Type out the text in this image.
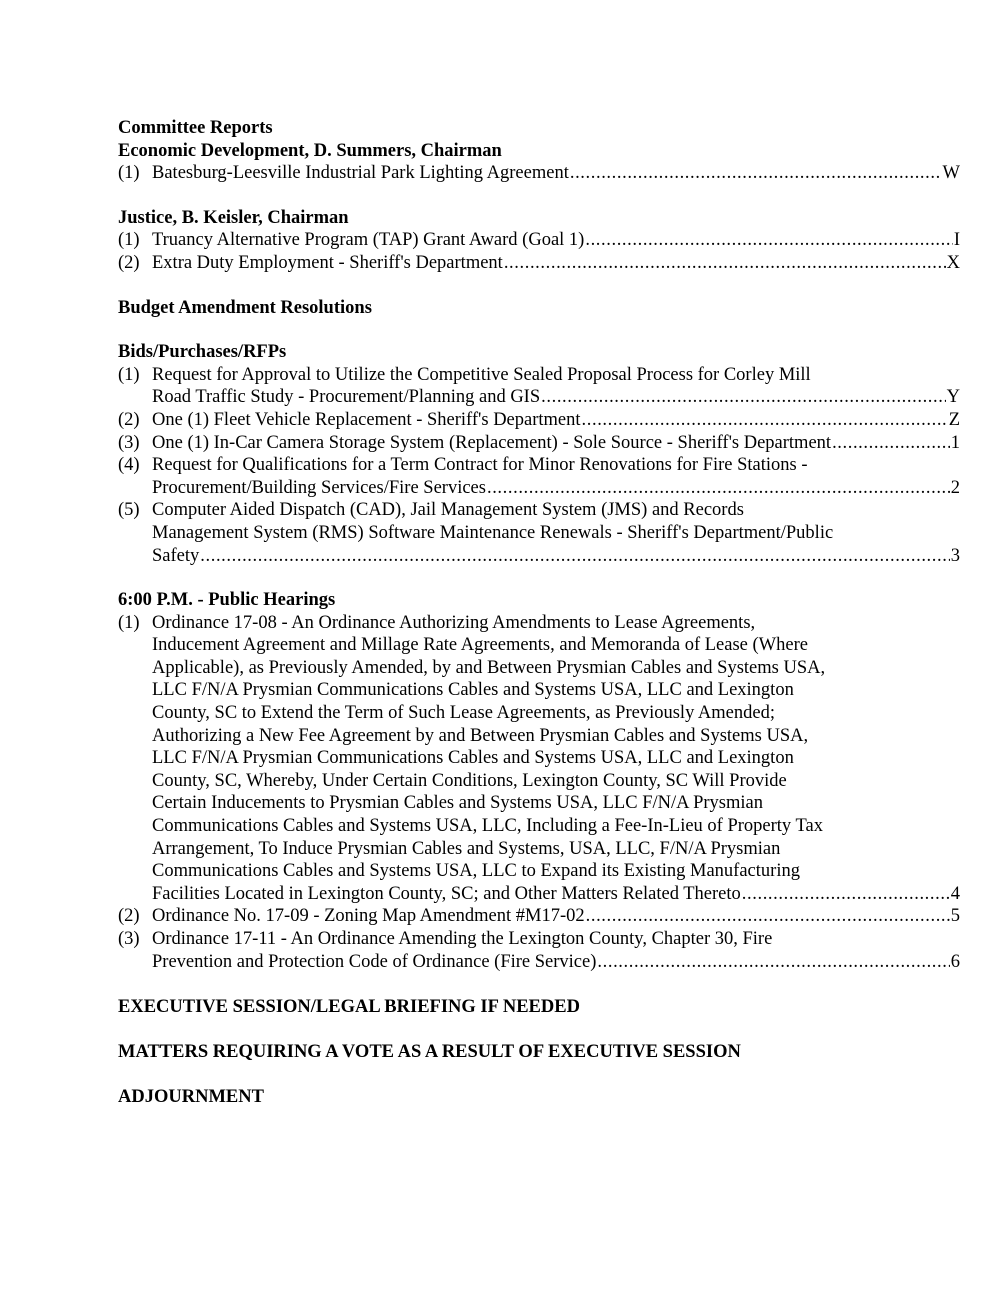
Committee Reports
Economic Development, D. Summers, Chairman
(1) Batesburg-Leesville Industrial Park Lighting Agreement .....	W
Justice, B. Keisler, Chairman
(1) Truancy Alternative Program (TAP) Grant Award (Goal 1) .....	I
(2) Extra Duty Employment - Sheriff's Department .....	X
Budget Amendment Resolutions
Bids/Purchases/RFPs
(1) Request for Approval to Utilize the Competitive Sealed Proposal Process for Corley Mill
Road Traffic Study - Procurement/Planning and GIS .....	Y
(2) One (1) Fleet Vehicle Replacement - Sheriff's Department .....	Z
(3) One (1) In-Car Camera Storage System (Replacement) - Sole Source - Sheriff's Department .....	1
(4) Request for Qualifications for a Term Contract for Minor Renovations for Fire Stations -
Procurement/Building Services/Fire Services .....	2
(5) Computer Aided Dispatch (CAD), Jail Management System (JMS) and Records
Management System (RMS) Software Maintenance Renewals - Sheriff's Department/Public
Safety .....	3
6:00 P.M. - Public Hearings
(1) Ordinance 17-08 - An Ordinance Authorizing Amendments to Lease Agreements,
Inducement Agreement and Millage Rate Agreements, and Memoranda of Lease (Where
Applicable), as Previously Amended, by and Between Prysmian Cables and Systems USA,
LLC F/N/A Prysmian Communications Cables and Systems USA, LLC and Lexington
County, SC to Extend the Term of Such Lease Agreements, as Previously Amended;
Authorizing a New Fee Agreement by and Between Prysmian Cables and Systems USA,
LLC F/N/A Prysmian Communications Cables and Systems USA, LLC and Lexington
County, SC, Whereby, Under Certain Conditions, Lexington County, SC Will Provide
Certain Inducements to Prysmian Cables and Systems USA, LLC F/N/A Prysmian
Communications Cables and Systems USA, LLC, Including a Fee-In-Lieu of Property Tax
Arrangement, To Induce Prysmian Cables and Systems, USA, LLC, F/N/A Prysmian
Communications Cables and Systems USA, LLC to Expand its Existing Manufacturing
Facilities Located in Lexington County, SC; and Other Matters Related Thereto .....	4
(2) Ordinance No. 17-09 - Zoning Map Amendment #M17-02 .....	5
(3) Ordinance 17-11 - An Ordinance Amending the Lexington County, Chapter 30, Fire
Prevention and Protection Code of Ordinance (Fire Service) .....	6
EXECUTIVE SESSION/LEGAL BRIEFING IF NEEDED
MATTERS REQUIRING A VOTE AS A RESULT OF EXECUTIVE SESSION
ADJOURNMENT
